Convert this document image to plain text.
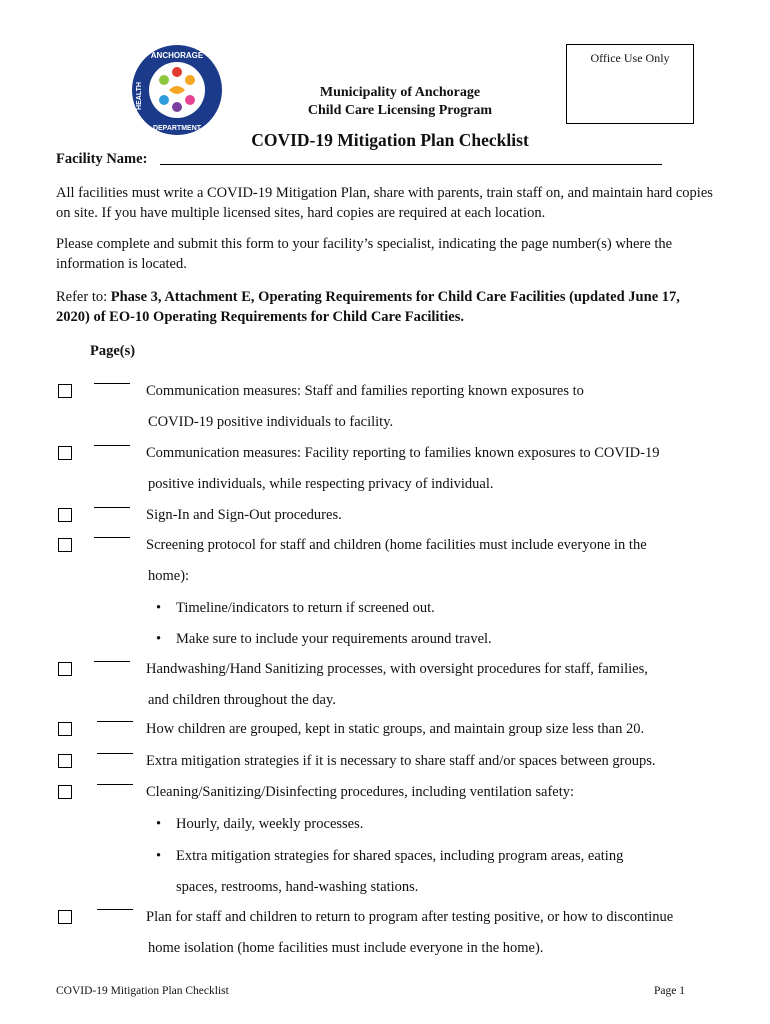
ANCHORAGE
HEALTH
DEPARTMENT
Office Use Only
Municipality of Anchorage
Child Care Licensing Program
COVID-19 Mitigation Plan Checklist
Facility Name:
All facilities must write a COVID-19 Mitigation Plan, share with parents, train staff on, and maintain hard copies on site. If you have multiple licensed sites, hard copies are required at each location.
Please complete and submit this form to your facility’s specialist, indicating the page number(s) where the information is located.
Refer to: Phase 3, Attachment E, Operating Requirements for Child Care Facilities (updated June 17, 2020) of EO-10 Operating Requirements for Child Care Facilities.
Page(s)
Communication measures: Staff and families reporting known exposures to
COVID-19 positive individuals to facility.
Communication measures: Facility reporting to families known exposures to COVID-19
positive individuals, while respecting privacy of individual.
Sign-In and Sign-Out procedures.
Screening protocol for staff and children (home facilities must include everyone in the
home):
• Timeline/indicators to return if screened out.
• Make sure to include your requirements around travel.
Handwashing/Hand Sanitizing processes, with oversight procedures for staff, families,
and children throughout the day.
How children are grouped, kept in static groups, and maintain group size less than 20.
Extra mitigation strategies if it is necessary to share staff and/or spaces between groups.
Cleaning/Sanitizing/Disinfecting procedures, including ventilation safety:
• Hourly, daily, weekly processes.
• Extra mitigation strategies for shared spaces, including program areas, eating
spaces, restrooms, hand-washing stations.
Plan for staff and children to return to program after testing positive, or how to discontinue
home isolation (home facilities must include everyone in the home).
COVID-19 Mitigation Plan Checklist	Page 1
